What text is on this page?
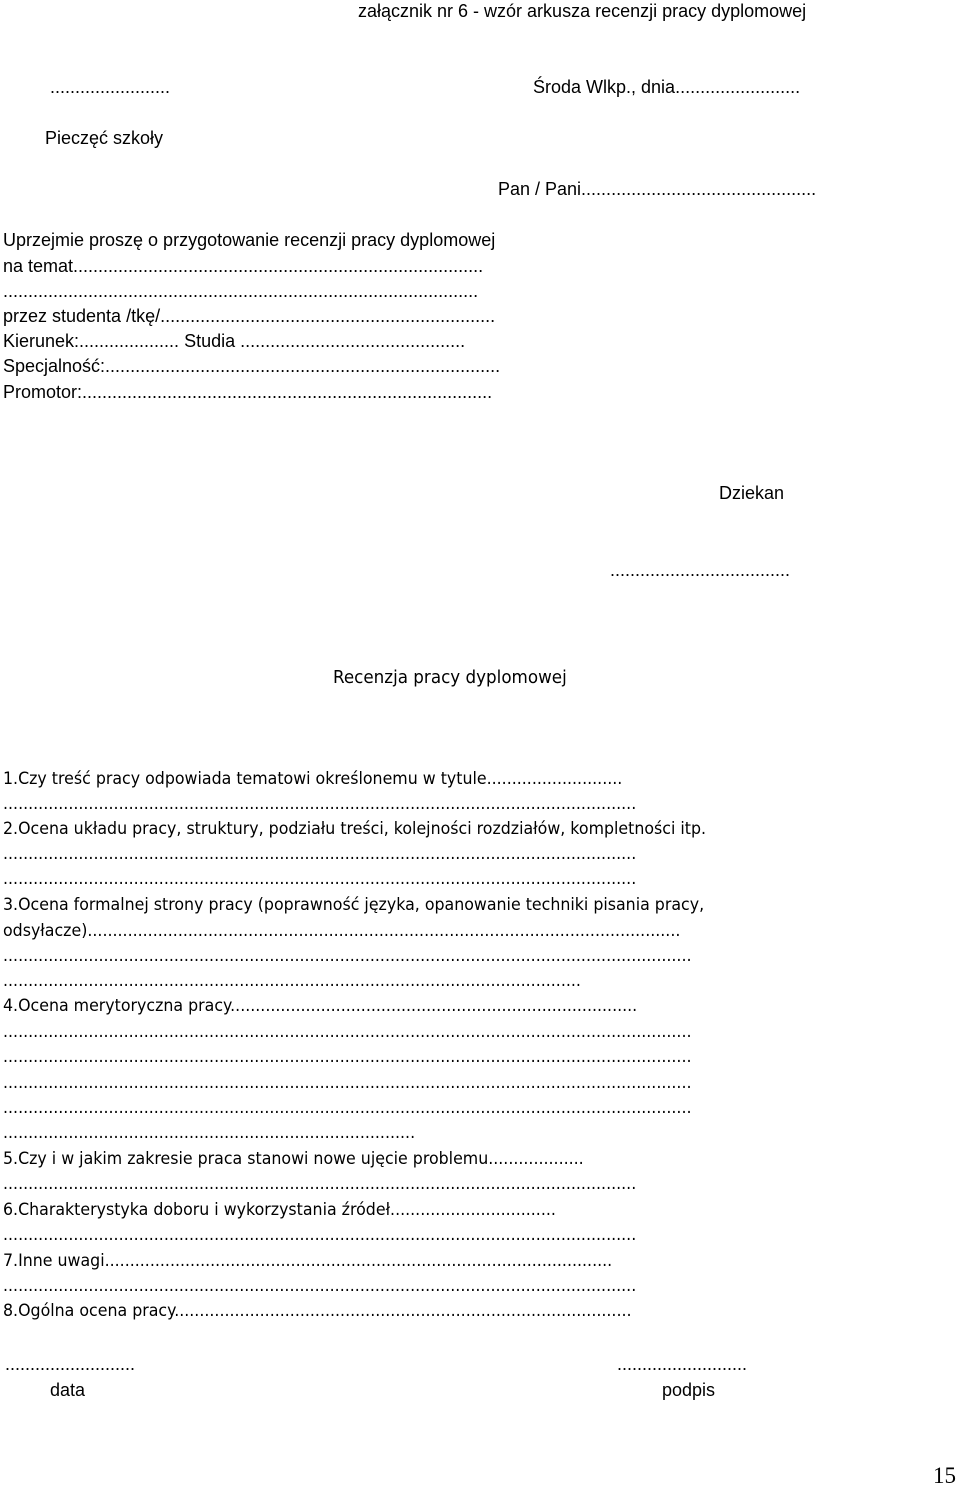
załącznik nr 6 - wzór arkusza recenzji pracy dyplomowej
........................	Środa Wlkp., dnia.........................
Pieczęć szkoły
Pan / Pani...............................................
Uprzejmie proszę o przygotowanie recenzji pracy dyplomowej
na temat..................................................................................
...............................................................................................
przez studenta /tkę/...................................................................
Kierunek:.................... Studia .............................................
Specjalność:...............................................................................
Promotor:..................................................................................
Dziekan
....................................
Recenzja pracy dyplomowej
1.Czy treść pracy odpowiada tematowi określonemu w tytule...........................
..............................................................................................................................
2.Ocena układu pracy, struktury, podziału treści, kolejności rozdziałów, kompletności itp.
..............................................................................................................................
..............................................................................................................................
3.Ocena formalnej strony pracy (poprawność języka, opanowanie techniki pisania pracy,
odsyłacze)......................................................................................................................
.........................................................................................................................................
...................................................................................................................
4.Ocena merytoryczna pracy.................................................................................
.........................................................................................................................................
.........................................................................................................................................
.........................................................................................................................................
.........................................................................................................................................
..................................................................................
5.Czy i w jakim zakresie praca stanowi nowe ujęcie problemu...................
..............................................................................................................................
6.Charakterystyka doboru i wykorzystania źródeł.................................
..............................................................................................................................
7.Inne uwagi.....................................................................................................
..............................................................................................................................
8.Ogólna ocena pracy...........................................................................................
..........................	..........................
data	podpis
15
